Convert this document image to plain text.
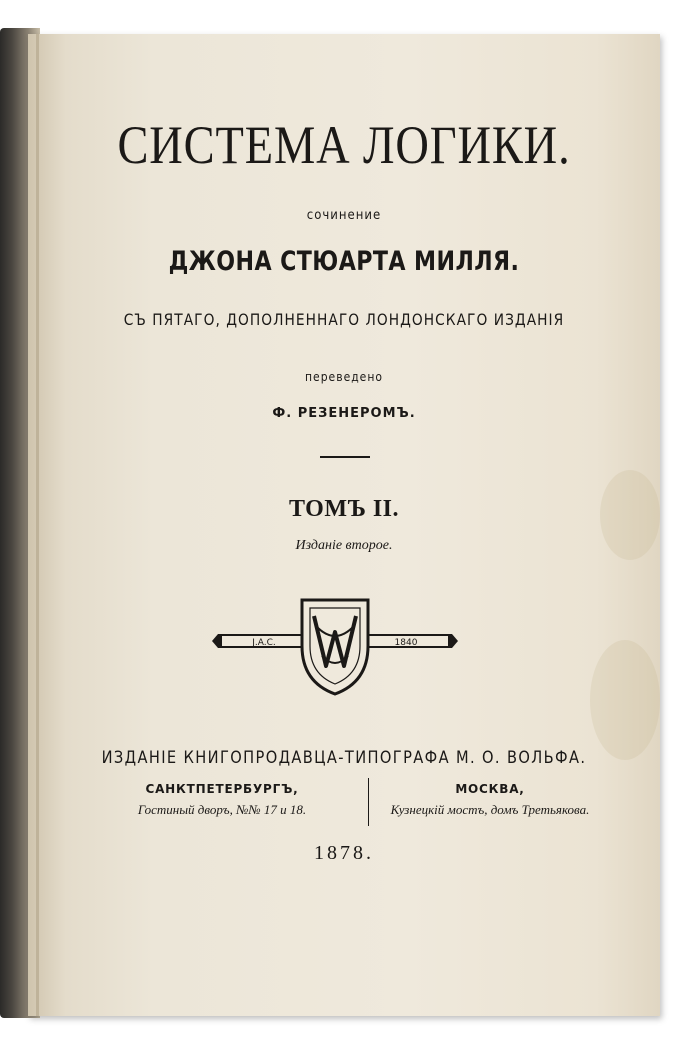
СИСТЕМА ЛОГИКИ.
сочинение
ДЖОНА СТЮАРТА МИЛЛЯ.
СЪ ПЯТАГО, ДОПОЛНЕННАГО ЛОНДОНСКАГО ИЗДАНІЯ
переведено
Ф. РЕЗЕНЕРОМЪ.
ТОМЪ II.
Изданіе второе.
J.A.C.	1840
ИЗДАНІЕ КНИГОПРОДАВЦА-ТИПОГРАФА М. О. ВОЛЬФА.
САНКТПЕТЕРБУРГЪ,
Гостиный дворъ, №№ 17 и 18.
МОСКВА,
Кузнецкій мостъ, домъ Третьякова.
1878.
